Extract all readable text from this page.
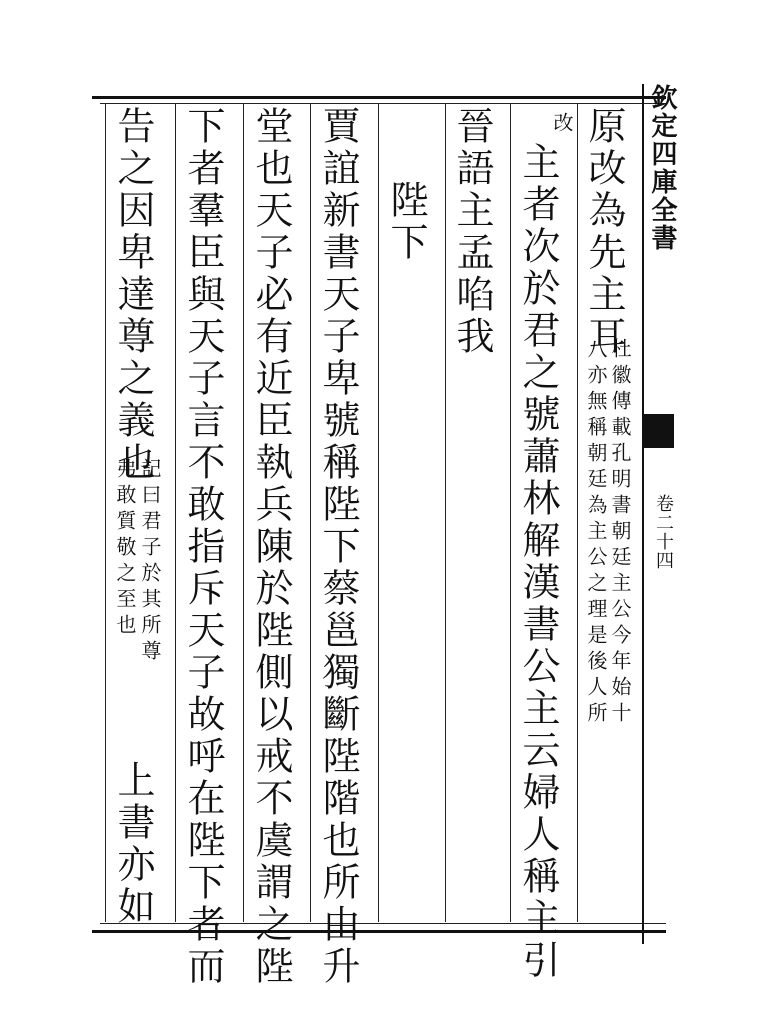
欽定四庫全書
卷二十四
原改為先主耳
杜徽傳載孔明書朝廷主公今年始十
八亦無稱朝廷為主公之理是後人所
改
主者次於君之號蕭林解漢書公主云婦人稱主引
晉語主孟啗我
陛下
賈誼新書天子卑號稱陛下蔡邕獨斷陛階也所由升
堂也天子必有近臣執兵陳於陛側以戒不虞謂之陛
下者羣臣與天子言不敢指斥天子故呼在陛下者而
告之因卑達尊之義也
記曰君子於其所尊
弗敢質敬之至也
上書亦如
